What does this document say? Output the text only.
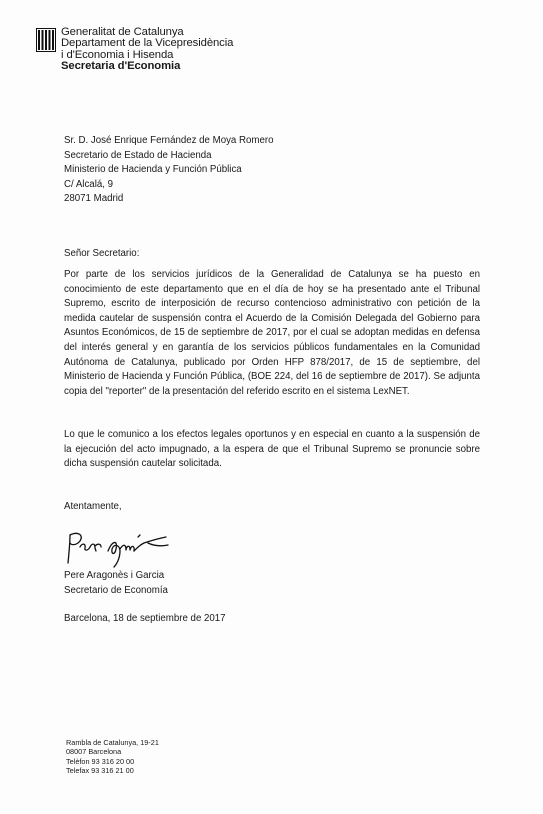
Generalitat de Catalunya
Departament de la Vicepresidència
i d'Economia i Hisenda
Secretaria d'Economia
Sr. D. José Enrique Fernández de Moya Romero
Secretario de Estado de Hacienda
Ministerio de Hacienda y Función Pública
C/ Alcalá, 9
28071 Madrid
Señor Secretario:
Por parte de los servicios jurídicos de la Generalidad de Catalunya se ha puesto en conocimiento de este departamento que en el día de hoy se ha presentado ante el Tribunal Supremo, escrito de interposición de recurso contencioso administrativo con petición de la medida cautelar de suspensión contra el Acuerdo de la Comisión Delegada del Gobierno para Asuntos Económicos, de 15 de septiembre de 2017, por el cual se adoptan medidas en defensa del interés general y en garantía de los servicios públicos fundamentales en la Comunidad Autónoma de Catalunya, publicado por Orden HFP 878/2017, de 15 de septiembre, del Ministerio de Hacienda y Función Pública, (BOE 224, del 16 de septiembre de 2017). Se adjunta copia del "reporter" de la presentación del referido escrito en el sistema LexNET.
Lo que le comunico a los efectos legales oportunos y en especial en cuanto a la suspensión de la ejecución del acto impugnado, a la espera de que el Tribunal Supremo se pronuncie sobre dicha suspensión cautelar solicitada.
Atentamente,
Pere Aragonès i Garcia
Secretario de Economía
Barcelona, 18 de septiembre de 2017
Rambla de Catalunya, 19-21
08007 Barcelona
Telèfon 93 316 20 00
Telefax 93 316 21 00
